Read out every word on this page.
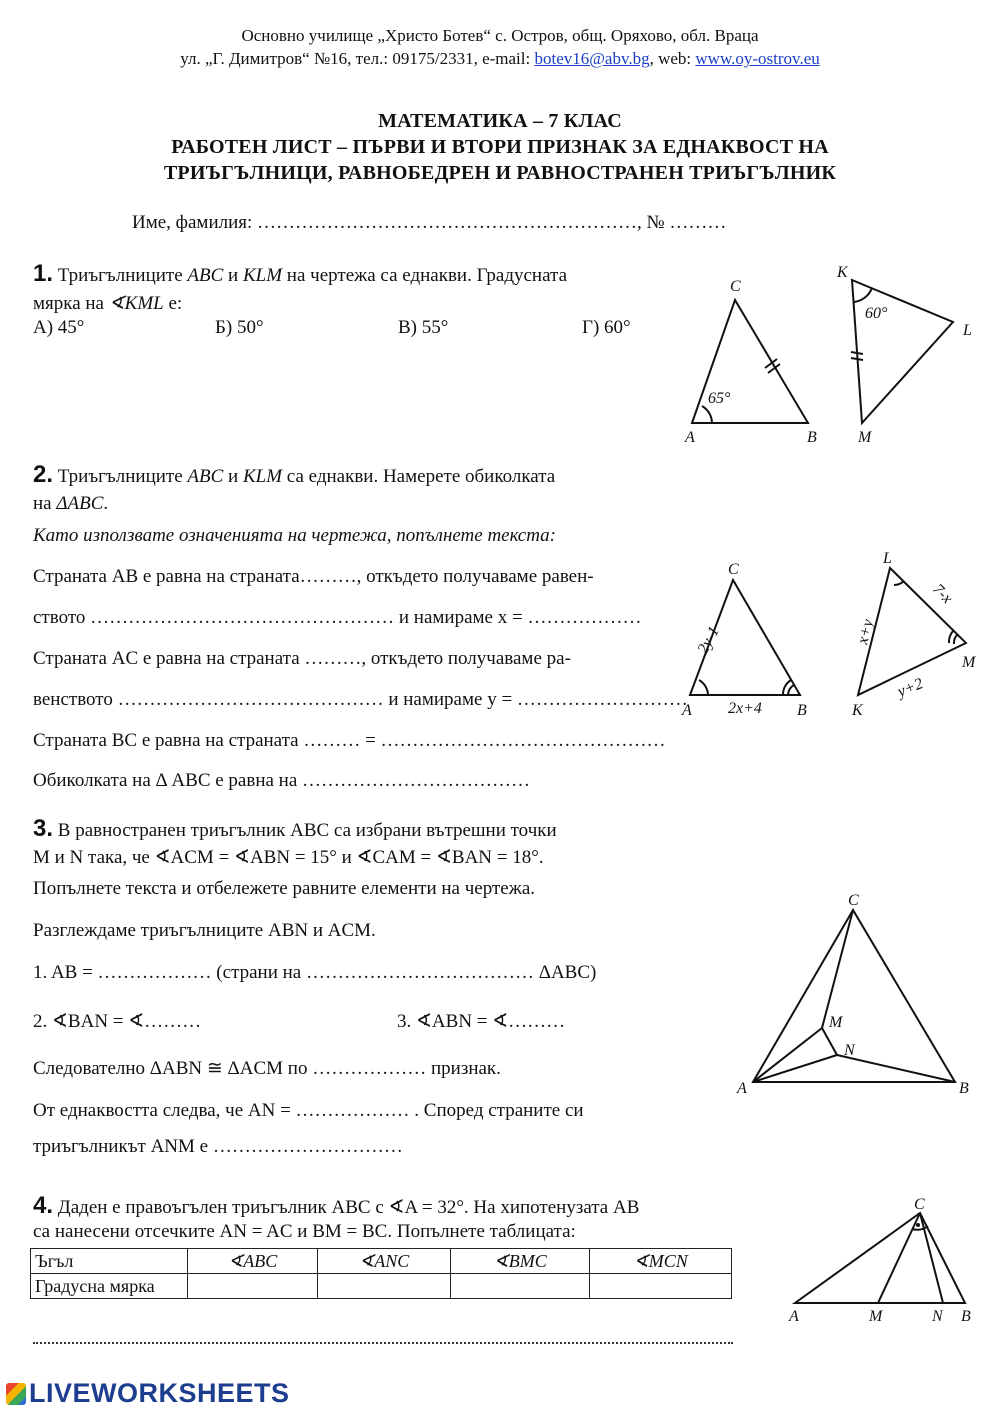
Основно училище „Христо Ботев“ с. Остров, общ. Оряхово, обл. Враца
ул. „Г. Димитров“ №16, тел.: 09175/2331, e-mail: botev16@abv.bg, web: www.oy-ostrov.eu
МАТЕМАТИКА – 7 КЛАС
РАБОТЕН ЛИСТ – ПЪРВИ И ВТОРИ ПРИЗНАК ЗА ЕДНАКВОСТ НА
ТРИЪГЪЛНИЦИ, РАВНОБЕДРЕН И РАВНОСТРАНЕН ТРИЪГЪЛНИК
Име, фамилия: ……………………………………………………, № ………
1. Триъгълниците ABC и KLM на чертежа са еднакви. Градусната
мярка на ∢KML е:
А) 45°	Б) 50°	В) 55°	Г) 60°
A	B
C
K
L
M
65°
60°
2. Триъгълниците ABC и KLM са еднакви. Намерете обиколката
на ΔABC.
Като използвате означенията на чертежа, попълнете текста:
Страната AB е равна на страната………, откъдето получаваме равен-
ството ………………………………………… и намираме x = ………………
Страната AC е равна на страната ………, откъдето получаваме ра-
венството …………………………………… и намираме y = ………………………
Страната BC е равна на страната ……… = ………………………………………
Обиколката на Δ ABC е равна на ………………………………
A	B
C
K
L
M
2x+4
2y-1	x+y
7-x
y+2
3. В равностранен триъгълник ABC са избрани вътрешни точки
M и N така, че ∢ACM = ∢ABN = 15° и ∢CAM = ∢BAN = 18°.
Попълнете текста и отбележете равните елементи на чертежа.
Разглеждаме триъгълниците ABN и ACM.
1. AB = ……………… (страни на ……………………………… ΔABC)
2. ∢BAN = ∢………	3. ∢ABN = ∢………
Следователно ΔABN ≅ ΔACM по ……………… признак.
От еднаквостта следва, че AN = ……………… . Според страните си
триъгълникът ANM е …………………………
A	B
C
M
N
4. Даден е правоъгълен триъгълник ABC с ∢A = 32°. На хипотенузата AB
са нанесени отсечките AN = AC и BM = BC. Попълнете таблицата:
Ъгъл	∢ABC	∢ANC	∢BMC	∢MCN
Градусна мярка				
A	M	N B
C
LIVEWORKSHEETS
